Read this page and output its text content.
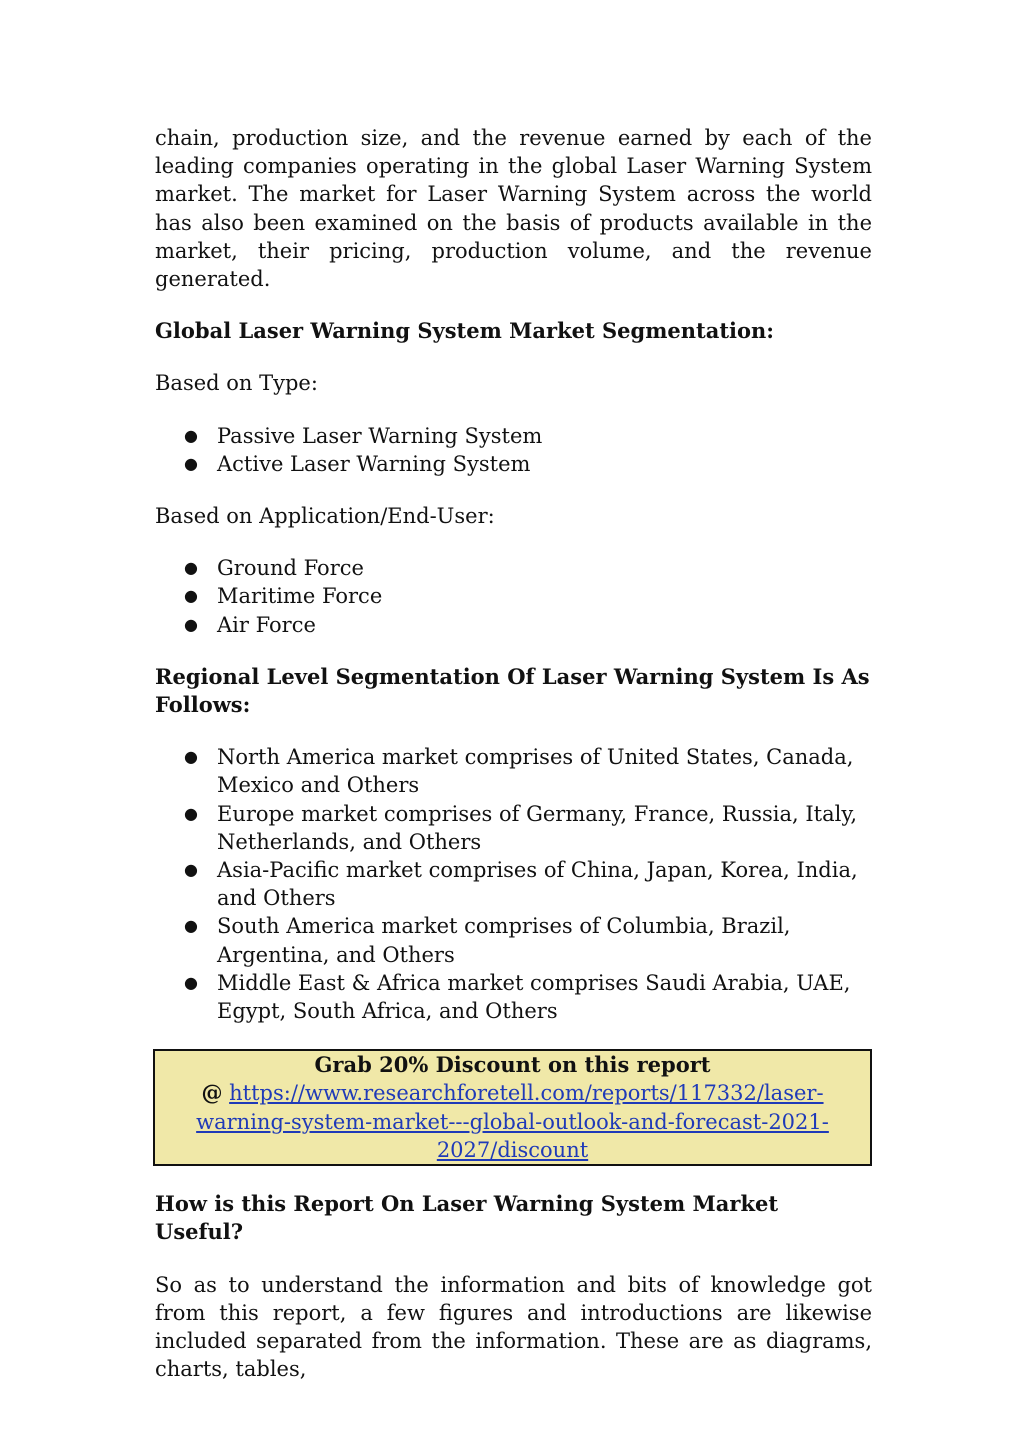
chain, production size, and the revenue earned by each of the leading companies operating in the global Laser Warning System market. The market for Laser Warning System across the world has also been examined on the basis of products available in the market, their pricing, production volume, and the revenue generated.

Global Laser Warning System Market Segmentation:

Based on Type:

● Passive Laser Warning System
● Active Laser Warning System

Based on Application/End-User:

● Ground Force
● Maritime Force
● Air Force

Regional Level Segmentation Of Laser Warning System Is As Follows:

● North America market comprises of United States, Canada, Mexico and Others
● Europe market comprises of Germany, France, Russia, Italy, Netherlands, and Others
● Asia-Pacific market comprises of China, Japan, Korea, India, and Others
● South America market comprises of Columbia, Brazil, Argentina, and Others
● Middle East & Africa market comprises Saudi Arabia, UAE, Egypt, South Africa, and Others
Grab 20% Discount on this report
@ https://www.researchforetell.com/reports/117332/laser-warning-system-market---global-outlook-and-forecast-2021-2027/discount

How is this Report On Laser Warning System Market Useful?

So as to understand the information and bits of knowledge got from this report, a few figures and introductions are likewise included separated from the information. These are as diagrams, charts, tables,
